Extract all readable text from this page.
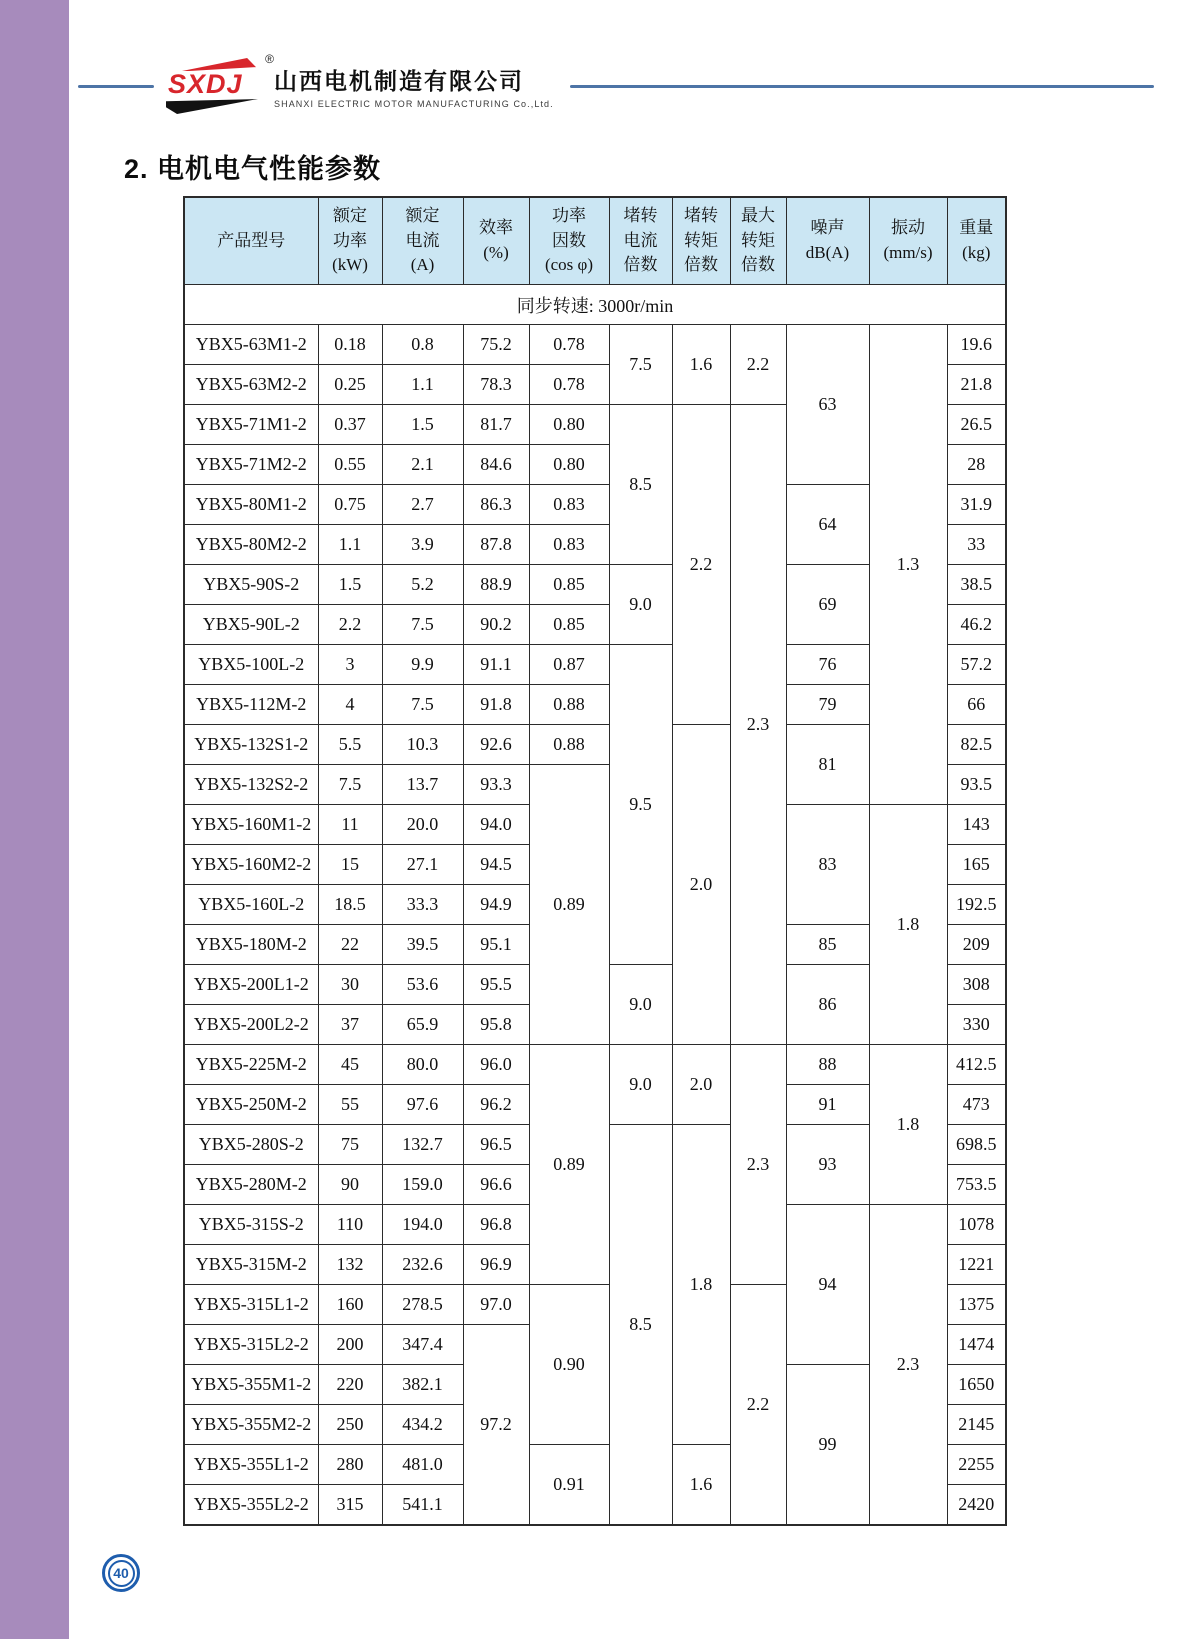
SXDJ
®
山西电机制造有限公司
SHANXI ELECTRIC MOTOR MANUFACTURING Co.,Ltd.
2. 电机电气性能参数
产品型号

额定
功率
(kW)

额定
电流
(A)

效率
(%)

功率
因数
(cos φ)

堵转
电流
倍数

堵转
转矩
倍数

最大
转矩
倍数

噪声
dB(A)

振动
(mm/s)

重量
(kg)

同步转速: 3000r/min										
YBX5-63M1-2	0.18	0.8	75.2	0.78	7.5	1.6	2.2	63	1.3	19.6
YBX5-63M2-2	0.25	1.1	78.3	0.78						21.8
YBX5-71M1-2	0.37	1.5	81.7	0.80	8.5	2.2	2.3			26.5
YBX5-71M2-2	0.55	2.1	84.6	0.80						28
YBX5-80M1-2	0.75	2.7	86.3	0.83				64		31.9
YBX5-80M2-2	1.1	3.9	87.8	0.83						33
YBX5-90S-2	1.5	5.2	88.9	0.85	9.0			69		38.5
YBX5-90L-2	2.2	7.5	90.2	0.85						46.2
YBX5-100L-2	3	9.9	91.1	0.87	9.5			76		57.2
YBX5-112M-2	4	7.5	91.8	0.88				79		66
YBX5-132S1-2	5.5	10.3	92.6	0.88		2.0		81		82.5
YBX5-132S2-2	7.5	13.7	93.3	0.89						93.5
YBX5-160M1-2	11	20.0	94.0					83	1.8	143
YBX5-160M2-2	15	27.1	94.5							165
YBX5-160L-2	18.5	33.3	94.9							192.5
YBX5-180M-2	22	39.5	95.1					85		209
YBX5-200L1-2	30	53.6	95.5		9.0			86		308
YBX5-200L2-2	37	65.9	95.8							330
YBX5-225M-2	45	80.0	96.0	0.89	9.0	2.0	2.3	88	1.8	412.5
YBX5-250M-2	55	97.6	96.2					91		473
YBX5-280S-2	75	132.7	96.5		8.5	1.8		93		698.5
YBX5-280M-2	90	159.0	96.6							753.5
YBX5-315S-2	110	194.0	96.8					94	2.3	1078
YBX5-315M-2	132	232.6	96.9							1221
YBX5-315L1-2	160	278.5	97.0	0.90			2.2			1375
YBX5-315L2-2	200	347.4	97.2							1474
YBX5-355M1-2	220	382.1						99		1650
YBX5-355M2-2	250	434.2								2145
YBX5-355L1-2	280	481.0		0.91		1.6				2255
YBX5-355L2-2	315	541.1								2420
40
